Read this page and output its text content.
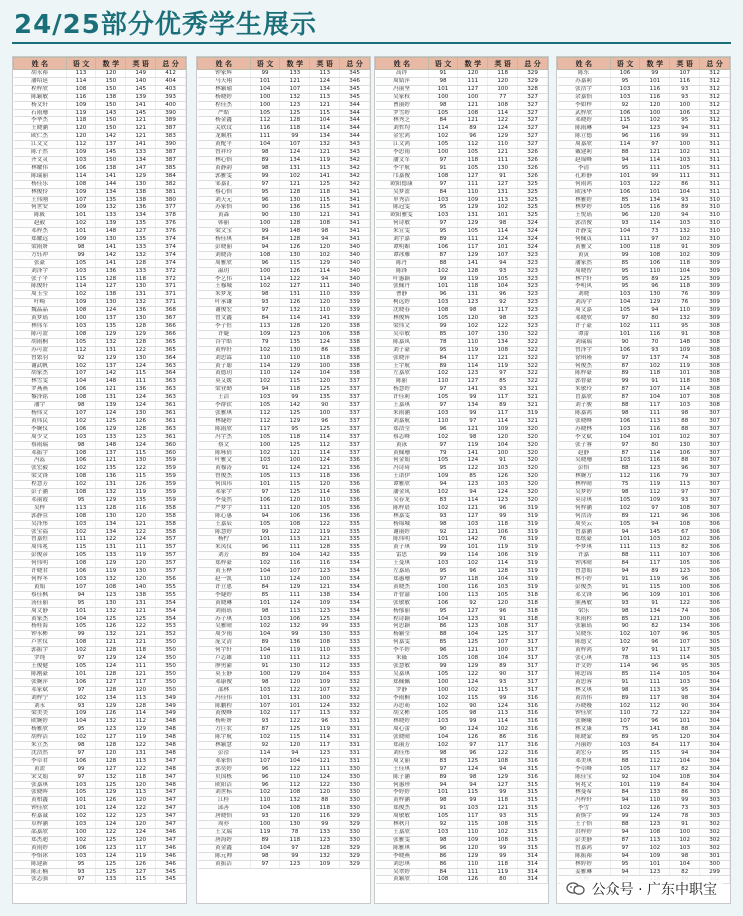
24/25部分优秀学生展示
姓 名	语 文	数 学	英 语	总 分
胡永裕	113	120	149	412
潘绍延	114	150	140	404
程梓欣	108	150	145	403
陈颖敏	116	138	139	393
杨文轩	109	150	141	400
石雨珊	119	143	145	390
李华杰	118	150	121	389
王晓涵	120	150	121	387
欧仁杰	120	142	121	383
江文文	112	137	141	390
陈子然	109	145	133	387
齐文灵	103	150	134	387
林耀伟	106	138	147	385
陈瑞丽	114	141	129	384
杨佳乐	108	144	130	382
林俊伶	109	134	138	381
王伟刚	107	135	138	380
何世安	109	132	136	377
陈筱	101	133	134	378
赵毅	102	139	135	376
邓梓杰	101	148	127	376
郑耀远	109	130	135	374
梁雨妍	98	141	133	374
方钰冲	99	142	132	374
张豪	105	141	128	374
刘泽宇	103	136	133	372
张子平	115	128	118	372
陈俊轩	114	127	130	371
周玉莹	102	138	131	371
叶崎	109	130	132	371
魏晶晶	108	124	136	368
黄梦瑶	100	137	130	367
林伟军	103	135	128	366
陈可盈	108	129	129	366
胡雨桐	105	132	128	365
苏可盈	112	131	122	365
曾繁羽	92	129	130	364
谢武帆	102	137	124	363
胡家杰	107	142	115	364
林雪雯	104	148	111	363
罗燕燕	106	121	136	363
黎泽铭	108	131	124	363
潘宇	98	139	124	361
杨伟文	107	124	130	361
黄伟民	102	125	126	361
李婉仪	106	129	128	363
周少文	103	133	123	361
蔡雨瑞	98	148	124	360
邓振宇	108	137	115	360
冯蕊	106	121	130	359
张宏毅	102	135	122	359
梁文锋	108	136	115	359
程慧芳	102	131	126	359
彭子涵	108	132	119	359
邓丽霞	95	129	135	359
吴梓	113	128	116	358
郭静萱	108	130	120	358
吴泽彤	103	134	121	358
张宝福	102	134	122	358
曾嘉恒	111	122	124	357
周伟兆	115	131	111	357
彭俊彦	105	133	119	357
何伟明	108	129	120	357
许晓君	106	119	130	357
何梓冬	103	132	120	356
黄娟	107	108	140	355
蔡佳枫	94	123	138	355
汤佳丽	95	130	131	354
周文静	101	132	121	354
黄家杰	104	125	125	354
杨桂海	105	126	122	353
钟永彬	99	132	121	352
卢世仪	108	121	121	350
郭振宇	102	128	118	350
罗纯	97	129	124	350
王俊健	105	124	111	350
陈刚豪	101	128	121	350
张婉萍	106	127	117	350
邓家斌	97	128	120	350
刘梓宁	102	134	113	349
刘永	93	129	128	349
梁美美	109	126	114	349
欧婉婷	104	132	112	348
杨雅欣	95	123	129	348
胡梓洁	102	127	119	348
朱立杰	98	128	122	348
沈浩然	97	120	131	348
李卓君	106	128	113	347
黄盈	99	127	122	348
宋文娟	97	132	118	347
张嘉琪	103	125	120	348
张晓晖	105	129	113	347
黄柏鑫	101	126	120	347
钟佳欣	101	124	122	347
程嘉诚	102	122	123	347
卓梓涵	103	124	120	347
邵嘉欣	100	122	124	346
郑杰迪	102	125	120	347
黄雨婷	106	123	117	346
李怡冰	103	124	119	346
陈建新	95	125	126	346
陈正楠	93	125	127	345
张志强	97	133	115	345
姓 名	语 文	数 学	英 语	总 分
钟家辉	99	133	113	345
马天翔	101	121	124	346
林颖瑜	104	107	134	345
杨晓婷	100	132	113	345
程佳杰	100	123	121	344
严皓	105	125	115	344
杨金鑫	112	128	104	344
关欣玟	116	118	114	344
龙顺胜	111	99	134	344
黄配平	104	107	132	343
曾祥玲	98	124	121	343
林心怡	89	134	119	342
黄静韵	98	131	113	342
郭雅雯	99	102	141	342
邹嘉汇	97	121	125	342
蔡心怡	95	128	118	341
刘天元	96	130	115	341
苏家怡	90	136	115	341
黄森	90	130	121	341
韩丽	100	128	108	341
梁文宝	99	148	98	341
杨佳琪	84	128	94	341
彭晓丽	94	126	120	340
刘晓涛	108	130	102	340
周雅欣	96	115	129	340
温玥	100	126	114	340
李艺伟	114	122	94	340
王穆城	102	127	111	340
朱梦龙	98	131	110	339
叶承谦	93	126	120	339
谢俊宏	97	132	110	339
曾文鑫	84	114	141	339
李子恒	113	128	120	338
许婕	109	123	106	338
谷宇皓	79	135	124	338
黄梓轩	102	130	86	338
刘思霖	110	110	118	338
黄子聪	114	129	100	338
黄德玥	110	124	104	338
莫艾媛	102	115	120	337
梁业勤	94	118	125	337
王洁	103	99	135	337
李群钦	105	142	90	337
张雅琪	112	125	100	337
林婕婷	112	129	96	337
陈雨欣	117	95	125	337
冯宇杰	105	118	114	337
蔡文	100	125	112	337
陈咏倩	102	121	114	337
叶雅文	103	100	124	336
黄穆涛	91	124	121	336
曾俊杰	105	113	118	336
何国玮	101	115	120	336
邓家宇	97	125	114	336
李曼然	106	120	110	336
严梦宇	111	120	105	336
陈心惠	94	106	136	336
王嘉辰	105	108	122	335
陈慧婷	99	122	119	335
杨柠	101	113	121	335
朱凤仪	96	111	128	335
刘芳	89	104	142	335
郑梓豪	102	116	116	334
黄玉桦	104	107	123	334
赵一凯	110	124	100	334
许立恩	84	129	121	334
李婕婷	85	111	138	334
黄晓琳	101	124	109	334
刘雨瑶	98	113	123	334
苏子琪	103	106	125	334
吴雅晴	102	132	99	333
周少雨	104	99	130	333
庞文清	89	136	108	333
何宇轩	104	119	110	333
卢志雄	110	111	112	333
廖勇灌	91	130	112	333
莫玉静	100	129	104	333
邓康俊	98	120	109	332
邵林	103	122	107	332
冯佳伟	101	131	100	332
陈鹏程	107	101	124	332
黄俊峰	102	117	113	332
杨昕妍	93	122	96	331
方巨农	87	125	119	331
陈宇航	102	115	114	331
林颖慧	92	120	117	331
彭滢	114	94	123	331
邓家怡	107	104	121	331
郭奕婷	96	122	111	330
贝国栋	96	110	124	330
欧阳洁	96	112	122	330
刘世标	102	108	120	330
江桂	110	132	88	330
邱善	104	108	118	330
唐晓怡	93	120	116	329
周亦	100	130	99	329
王文瑞	119	78	133	330
唐海婷	89	118	123	330
黄金鑫	104	97	128	329
陈元帅	98	99	132	329
黄振洁	97	123	109	329
姓 名	语 文	数 学	英 语	总 分
高锌	91	120	118	329
周婧萍	98	111	120	329
冯丽坚	101	127	100	328
吴家权	100	100	77	327
曹丽婷	98	121	108	327
罗雪婷	105	108	114	327
林秀芝	84	121	122	327
刘哲均	114	89	124	327
金宏鸿	102	96	129	327
江文鸿	105	112	110	327
李思雨	100	105	121	326
潘文军	97	118	111	326
李宇航	91	105	130	326
邝嘉俊	108	127	91	326
欧阳德康	97	111	127	325
吴梦盈	84	110	131	325
单秀洁	103	109	113	325
陈冠雯	95	129	102	325
欧阳雅雯	103	131	101	325
何诗敏	97	129	98	324
朱宣雯	95	105	114	324
刘宇嘉	89	111	124	324
谭明媚	106	117	101	324
谭冰雁	87	129	107	323
陈丹	88	141	94	323
陈锋	102	128	93	323
叶惠颖	99	119	105	323
张佩丹	101	118	104	323
曹静	96	131	96	323
柯远婷	103	123	92	323
沈晓春	108	98	117	323
林俊辉	105	120	98	323
梁伟文	99	102	122	323
吴卓敏	85	107	130	322
陈嘉凤	78	110	134	322
刘子豪	95	119	108	322
张晓萍	84	117	121	322
王宇航	89	114	119	322
左嘉欣	102	123	97	322
陈丽	110	127	85	322
杨慧婷	97	141	93	321
许佳莉	105	99	117	321
王嘉琪	97	134	89	321
朱雨涵	103	99	117	319
刘嘉航	110	97	114	321
郑浩莹	96	121	109	320
蔡志峰	102	98	120	320
黄泳	97	119	104	320
黄佩珊	79	141	100	320
何金娟	105	124	91	320
冯诗琦	95	122	103	320
王诺伊	109	85	126	320
谭雅欣	94	123	103	320
潘金凤	102	94	124	320
吴春龙	83	114	123	320
陈梓晨	102	121	96	319
林嘉雯	93	127	99	319
杨锦城	98	103	118	319
谢丽婷	92	121	106	319
陈伟明	101	142	76	319
黄子琪	99	101	119	319
雷思	99	114	106	319
王曼琪	103	102	114	319
左嘉瑶	95	96	128	319
郑惠珊	97	118	104	319
黄晓杰	100	116	103	319
许智渝	100	113	105	318
张敏敏	106	92	120	318
杨郁丽	95	127	96	318
程诗颖	104	123	91	318
何思颖	86	123	108	317
杨颖莹	88	104	125	317
何嘉雯	85	125	107	317
李芊婷	96	121	100	317
朱薇	105	108	104	317
张慧敏	99	129	89	317
吴嘉琪	105	122	90	317
郑佩佩	100	124	93	317
罗静	100	102	115	317
李雨桐	102	115	99	316
苏思萌	102	90	124	316
胡文彬	105	98	113	316
林晓婷	103	99	114	316
周心蕾	90	124	102	316
张晓晴	104	126	86	316
郑丽芳	102	97	117	316
刘佳彤	98	96	122	316
周文丽	83	125	108	316
王佳琪	97	124	94	315
陈子涵	89	98	129	316
何惠珍	94	94	127	315
李婷婷	101	115	99	315
黄梓涵	98	99	118	315
郑俊杰	91	103	121	315
周敏敏	105	117	93	315
林秋月	92	115	108	315
王嘉欣	103	110	102	315
张雅雯	98	109	108	315
陈雅琪	96	120	99	315
李晓燕	86	129	99	314
刘思琪	86	110	118	314
吴翠婷	84	111	119	314
黄颖欣	108	126	80	314
姓 名	语 文	数 学	英 语	总 分
陈东	106	99	107	312
苏嘉莉	95	101	116	312
张浩宇	103	116	93	312
余嘉怡	103	116	93	312
李如梓	92	120	100	312
武梓欣	106	100	106	312
邓晓婷	115	102	95	312
陈雨琳	94	123	94	311
陈立德	96	116	99	311
周嘉欣	114	97	100	311
戴建莉	88	121	102	311
赵锦峰	94	114	103	311
李清	95	111	105	311
孔彩静	101	99	111	311
何雨鸿	103	122	86	311
欧泳华	106	101	104	311
林雅婷	85	134	93	310
林梦婷	105	116	89	310
王悦瑶	96	120	94	310
郭浩俊	93	114	103	310
许静雯	104	73	132	310
何佩贞	111	97	102	310
黄雅文	100	118	91	309
黄寅	99	108	102	309
潘家然	85	106	118	309
周晓智	95	110	104	309
林宇轩	95	89	125	309
李明风	95	96	118	309
刘晓	103	130	76	309
刘涛宇	104	129	76	309
周文嘉	105	94	110	309
邓晓欣	97	80	132	309
许子豪	102	111	95	308
谭蕾	101	116	91	308
刘瑞瑞	90	70	148	308
曾泽宇	106	93	109	308
徐琪瑾	97	137	74	308
何俊杰	87	102	119	308
陈梓豪	89	118	101	308
郭智豪	99	91	118	308
朱敏玲	87	107	114	308
冒嘉欣	87	104	107	308
刘子骏	88	117	103	308
陈嘉鸿	98	111	98	307
张晓峰	106	113	88	307
苏晓林	103	116	88	307
李文斌	104	101	102	307
张子睿	97	80	130	307
赵静	87	114	106	307
吴晓珊	103	116	88	307
彭怡	88	123	96	307
林婉方	112	116	79	307
林梓晴	75	119	113	307
吴梦婷	98	112	97	307
莫诗琪	105	109	93	307
何梓涵	102	97	108	307
何浩涛	89	121	96	306
周奕云	105	94	108	306
曾嘉涵	94	145	67	306
郑炫豪	101	103	102	306
李梦琪	111	113	82	306
许嘉	88	111	107	306
钟沐晴	84	117	105	306
曾慧娟	94	89	123	306
林小婷	91	119	96	306
彭俊杰	91	115	100	306
邓文锋	96	109	101	306
熊燕敏	93	91	122	306
梁乐	98	134	74	306
朱雨杉	85	121	100	306
张颖瑶	90	82	134	306
吴晓东	102	107	96	305
陈德文	102	96	107	305
黄梓鸿	97	91	117	305
张心琪	78	113	114	305
许文婷	114	96	95	305
陈思锦	85	114	105	304
黄思蓉	91	111	103	304
林文琪	98	113	95	304
黄浩伟	89	117	98	304
苏晓嫚	102	112	90	304
钟佳欣	110	72	122	304
张婉曦	107	96	101	304
林文康	75	141	88	304
陈晓蒙	89	95	120	304
冯丽婷	103	84	117	304
刘宏芬	95	115	94	304
邓美琪	88	112	104	304
李卓峰	105	117	82	304
陈佳宝	92	104	108	304
何兆文	101	119	84	304
林曼希	84	133	86	303
冯梓轩	94	110	99	303
李雪	102	126	73	303
黄焕宇	99	124	78	303
王子怡	88	123	91	302
洪梓婷	94	108	100	302
彭美静	87	113	102	302
曾嘉鸿	97	102	103	302
陈振裕	94	109	98	301
林婷婷	95	101	104	300
姜雅琳	94	123	82	299

公众号 · 广东中职宝
